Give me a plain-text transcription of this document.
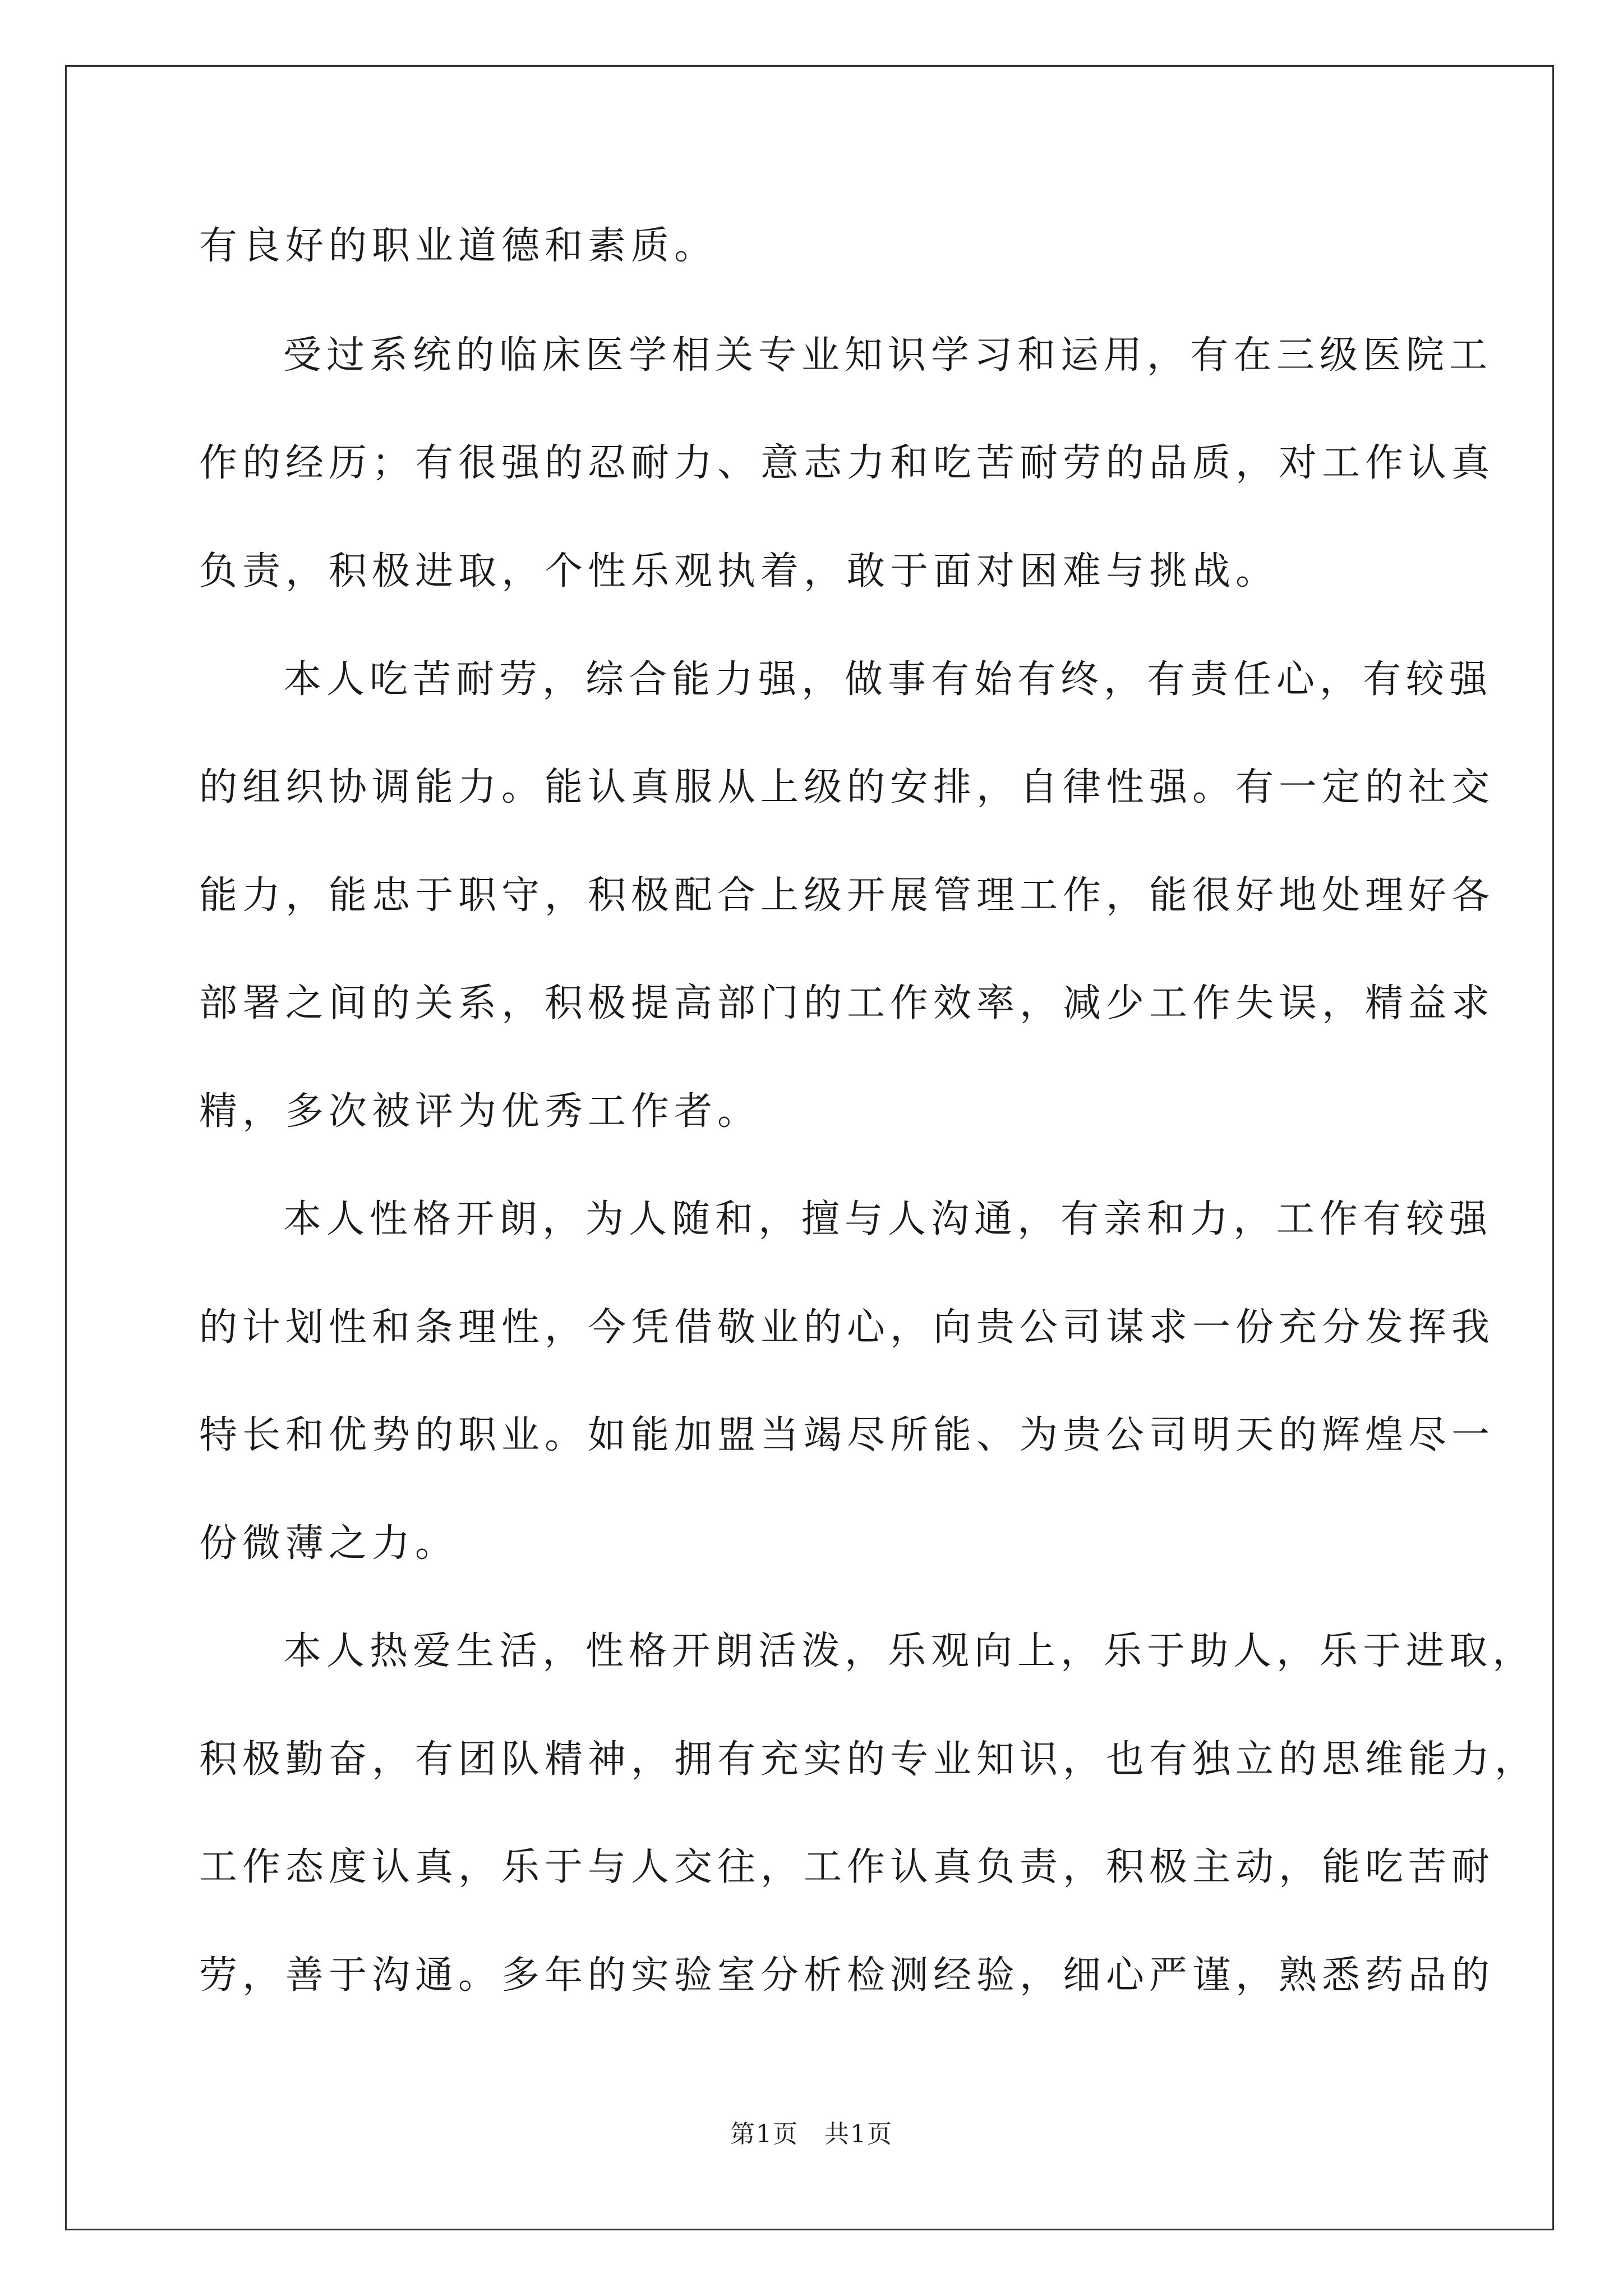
有良好的职业道德和素质。
受过系统的临床医学相关专业知识学习和运用，有在三级医院工
作的经历；有很强的忍耐力、意志力和吃苦耐劳的品质，对工作认真
负责，积极进取，个性乐观执着，敢于面对困难与挑战。
本人吃苦耐劳，综合能力强，做事有始有终，有责任心，有较强
的组织协调能力。能认真服从上级的安排，自律性强。有一定的社交
能力，能忠于职守，积极配合上级开展管理工作，能很好地处理好各
部署之间的关系，积极提高部门的工作效率，减少工作失误，精益求
精，多次被评为优秀工作者。
本人性格开朗，为人随和，擅与人沟通，有亲和力，工作有较强
的计划性和条理性，今凭借敬业的心，向贵公司谋求一份充分发挥我
特长和优势的职业。如能加盟当竭尽所能、为贵公司明天的辉煌尽一
份微薄之力。
本人热爱生活，性格开朗活泼，乐观向上，乐于助人，乐于进取，
积极勤奋，有团队精神，拥有充实的专业知识，也有独立的思维能力，
工作态度认真，乐于与人交往，工作认真负责，积极主动，能吃苦耐
劳，善于沟通。多年的实验室分析检测经验，细心严谨，熟悉药品的
第1页　共1页
